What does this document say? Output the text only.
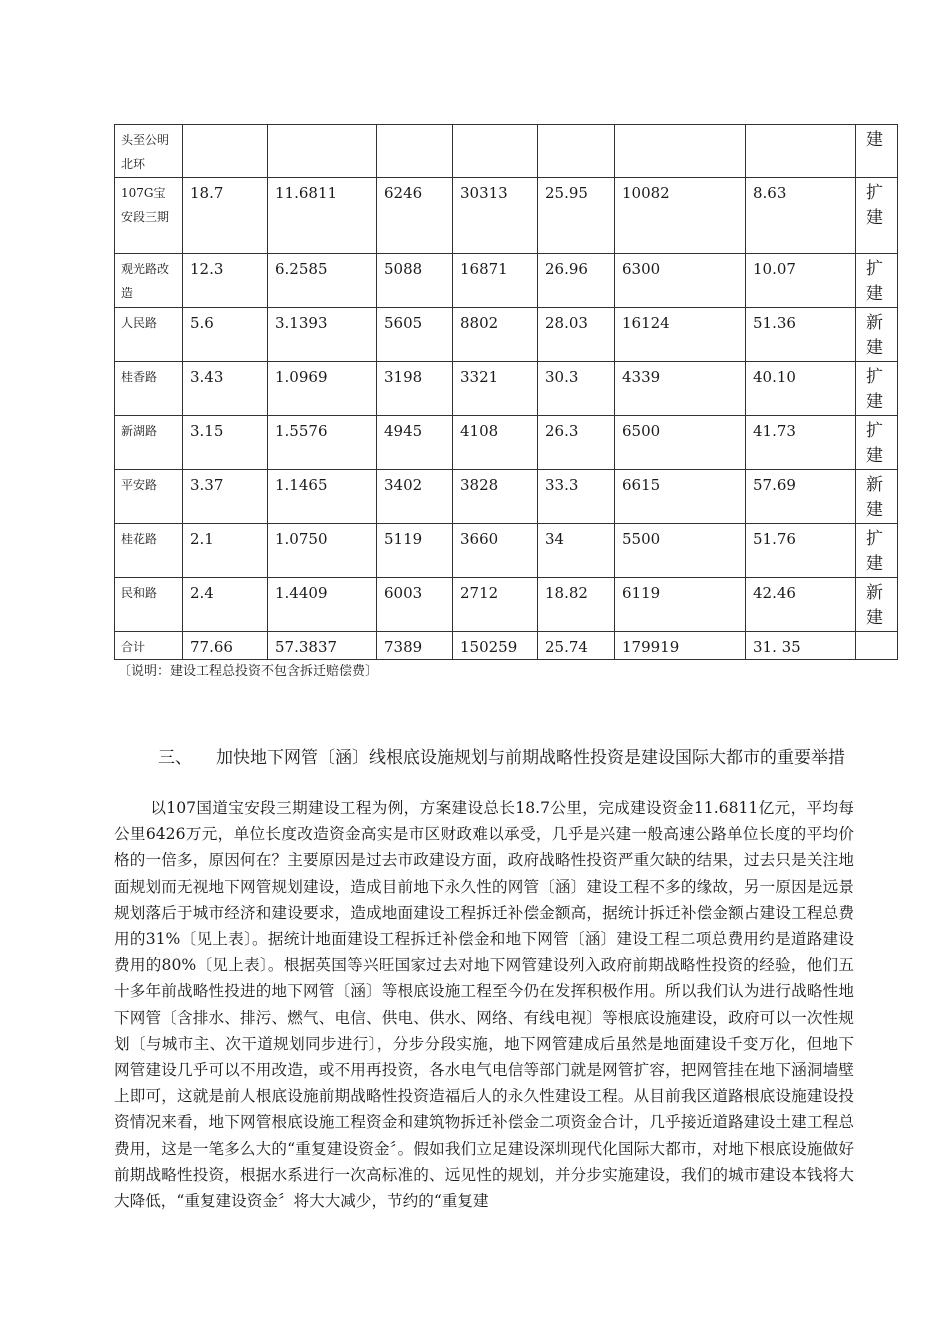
头至公明北环								建
107G宝安段三期	18.7	11.6811	6246	30313	25.95	10082	8.63	扩建
观光路改造	12.3	6.2585	5088	16871	26.96	6300	10.07	扩建
人民路	5.6	3.1393	5605	8802	28.03	16124	51.36	新建
桂香路	3.43	1.0969	3198	3321	30.3	4339	40.10	扩建
新湖路	3.15	1.5576	4945	4108	26.3	6500	41.73	扩建
平安路	3.37	1.1465	3402	3828	33.3	6615	57.69	新建
桂花路	2.1	1.0750	5119	3660	34	5500	51.76	扩建
民和路	2.4	1.4409	6003	2712	18.82	6119	42.46	新建
合计	77.66	57.3837	7389	150259	25.74	179919	31. 35	
〔说明：建设工程总投资不包含拆迁赔偿费〕
三、 加快地下网管〔涵〕线根底设施规划与前期战略性投资是建设国际大都市的重要举措
以107国道宝安段三期建设工程为例，方案建设总长18.7公里，完成建设资金11.6811亿元，平均每公里6426万元，单位长度改造资金高实是市区财政难以承受，几乎是兴建一般高速公路单位长度的平均价格的一倍多，原因何在？主要原因是过去市政建设方面，政府战略性投资严重欠缺的结果，过去只是关注地面规划而无视地下网管规划建设，造成目前地下永久性的网管〔涵〕建设工程不多的缘故，另一原因是远景规划落后于城市经济和建设要求，造成地面建设工程拆迁补偿金额高，据统计拆迁补偿金额占建设工程总费用的31%〔见上表〕。据统计地面建设工程拆迁补偿金和地下网管〔涵〕建设工程二项总费用约是道路建设费用的80%〔见上表〕。根据英国等兴旺国家过去对地下网管建设列入政府前期战略性投资的经验，他们五十多年前战略性投进的地下网管〔涵〕等根底设施工程至今仍在发挥积极作用。所以我们认为进行战略性地下网管〔含排水、排污、燃气、电信、供电、供水、网络、有线电视〕等根底设施建设，政府可以一次性规划〔与城市主、次干道规划同步进行〕，分步分段实施，地下网管建成后虽然是地面建设千变万化，但地下网管建设几乎可以不用改造，或不用再投资，各水电气电信等部门就是网管扩容，把网管挂在地下涵洞墙壁上即可，这就是前人根底设施前期战略性投资造福后人的永久性建设工程。从目前我区道路根底设施建设投资情况来看，地下网管根底设施工程资金和建筑物拆迁补偿金二项资金合计，几乎接近道路建设土建工程总费用，这是一笔多么大的“重复建设资金〞。假如我们立足建设深圳现代化国际大都市，对地下根底设施做好前期战略性投资，根据水系进行一次高标准的、远见性的规划，并分步实施建设，我们的城市建设本钱将大大降低，“重复建设资金〞将大大减少，节约的“重复建
